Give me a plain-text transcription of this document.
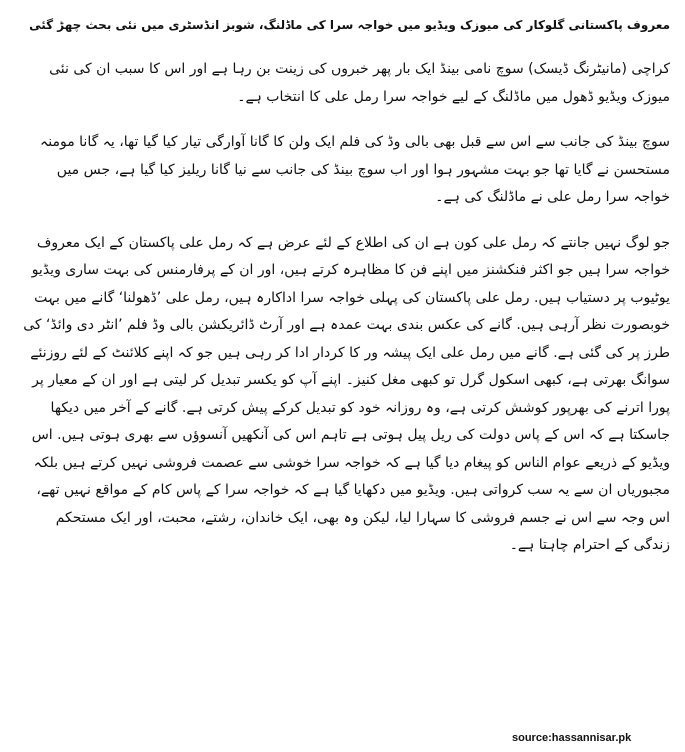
معروف پاکستانی گلوکار کی میوزک ویڈیو میں خواجہ سرا کی ماڈلنگ، شوبز انڈسٹری میں نئی بحث چھڑ گئی

کراچی (مانیٹرنگ ڈیسک) سوچ نامی بینڈ ایک بار پھر خبروں کی زینت بن رہا ہے اور اس کا سبب ان کی نئی میوزک ویڈیو ڈھول میں ماڈلنگ کے لیے خواجہ سرا رمل علی کا انتخاب ہے۔

سوچ بینڈ کی جانب سے اس سے قبل بھی بالی وڈ کی فلم ایک ولن کا گانا آوارگی تیار کیا گیا تھا، یہ گانا مومنہ مستحسن نے گایا تھا جو بہت مشہور ہوا اور اب سوچ بینڈ کی جانب سے نیا گانا ریلیز کیا گیا ہے، جس میں خواجہ سرا رمل علی نے ماڈلنگ کی ہے۔

جو لوگ نہیں جانتے کہ رمل علی کون ہے ان کی اطلاع کے لئے عرض ہے کہ رمل علی پاکستان کے ایک معروف خواجہ سرا ہیں جو اکثر فنکشنز میں اپنے فن کا مظاہرہ کرتے ہیں، اور ان کے پرفارمنس کی بہت ساری ویڈیو یوٹیوب پر دستیاب ہیں. رمل علی پاکستان کی پہلی خواجہ سرا اداکارہ ہیں، رمل علی ’ڈھولنا‘ گانے میں بہت خوبصورت نظر آرہی ہیں. گانے کی عکس بندی بہت عمدہ ہے اور آرٹ ڈائریکشن بالی وڈ فلم ’انٹر دی وائڈ‘ کی طرز پر کی گئی ہے. گانے میں رمل علی ایک پیشہ ور کا کردار ادا کر رہی ہیں جو کہ اپنے کلائنٹ کے لئے روزنئے سوانگ بھرتی ہے، کبھی اسکول گرل تو کبھی مغل کنیز۔ اپنے آپ کو یکسر تبدیل کر لیتی ہے اور ان کے معیار پر پورا اترنے کی بھرپور کوشش کرتی ہے، وہ روزانہ خود کو تبدیل کرکے پیش کرتی ہے. گانے کے آخر میں دیکھا جاسکتا ہے کہ اس کے پاس دولت کی ریل پیل ہوتی ہے تاہم اس کی آنکھیں آنسوؤں سے بھری ہوتی ہیں. اس ویڈیو کے ذریعے عوام الناس کو پیغام دیا گیا ہے کہ خواجہ سرا خوشی سے عصمت فروشی نہیں کرتے ہیں بلکہ مجبوریاں ان سے یہ سب کرواتی ہیں. ویڈیو میں دکھایا گیا ہے کہ خواجہ سرا کے پاس کام کے مواقع نہیں تھے، اس وجہ سے اس نے جسم فروشی کا سہارا لیا، لیکن وہ بھی، ایک خاندان، رشتے، محبت، اور ایک مستحکم زندگی کے احترام چاہتا ہے۔

source:hassannisar.pk
